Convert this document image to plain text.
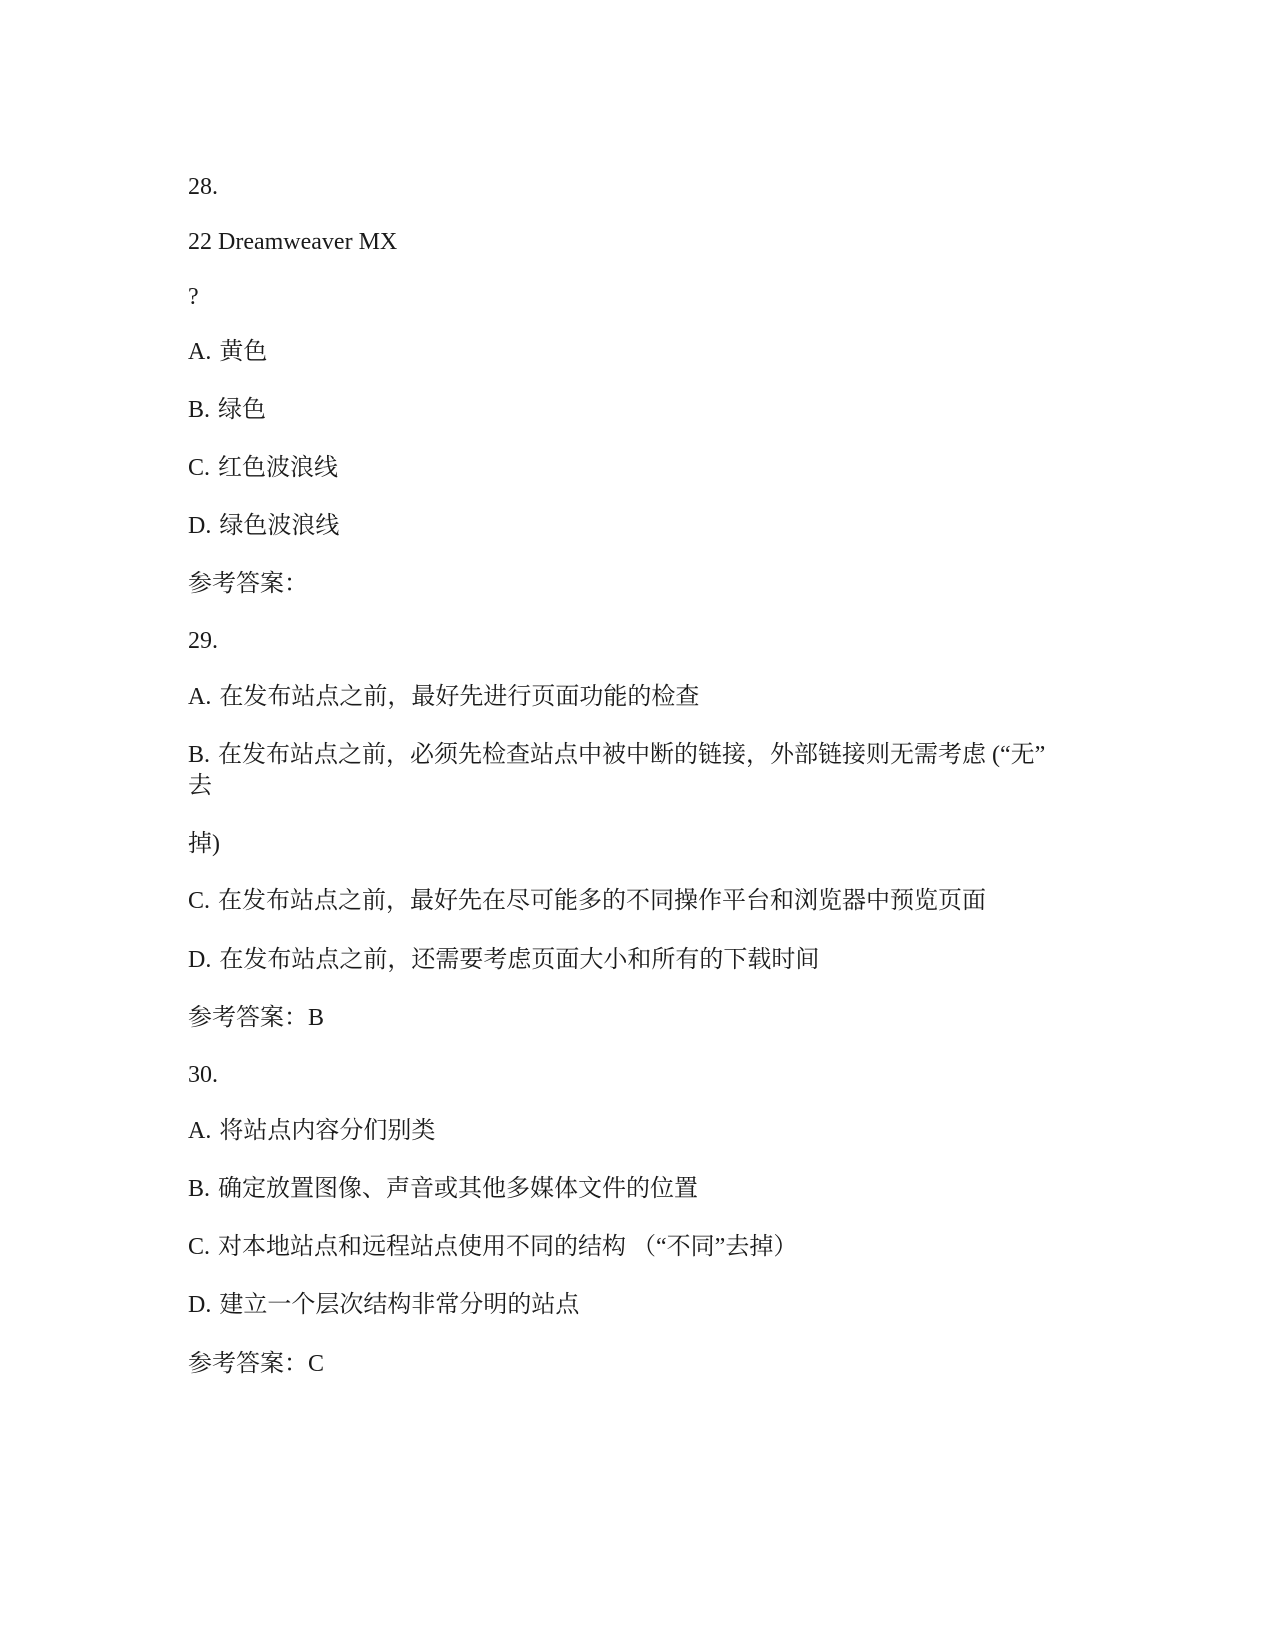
28.
22 Dreamweaver MX
?
A. 黄色
B. 绿色
C. 红色波浪线
D. 绿色波浪线
参考答案：
29.
A. 在发布站点之前，最好先进行页面功能的检查
B. 在发布站点之前，必须先检查站点中被中断的链接，外部链接则无需考虑 (“无”
去
掉)
C. 在发布站点之前，最好先在尽可能多的不同操作平台和浏览器中预览页面
D. 在发布站点之前，还需要考虑页面大小和所有的下载时间
参考答案：B
30.
A. 将站点内容分们别类
B. 确定放置图像、声音或其他多媒体文件的位置
C. 对本地站点和远程站点使用不同的结构 （“不同”去掉）
D. 建立一个层次结构非常分明的站点
参考答案：C
